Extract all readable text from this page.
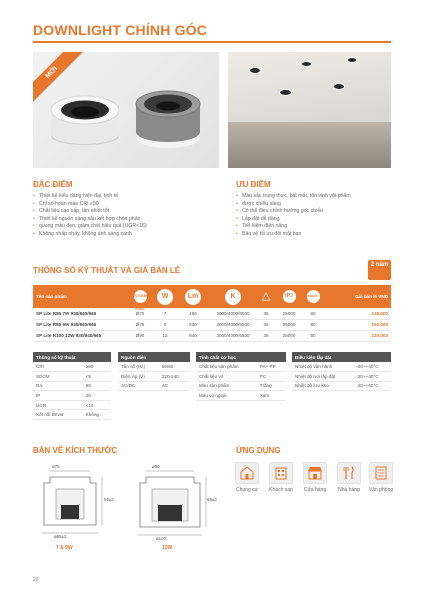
DOWNLIGHT CHÍNH GÓC
MỚI
ĐẶC ĐIỂM
• Thiết kế kiểu dáng hiện đại, tinh tế
• Chỉ số hoàn màu CRI ≥90
• Chất liệu cao cấp, tản nhiệt tốt
• Thiết kế nguồn sáng sâu kết hợp chóa phản
• quang màu đen, giảm chói hiệu quả (UGR<16)
• Không nhấp nháy, không ánh sáng xanh
ƯU ĐIỂM
• Màu sắc trung thực, bắt mắt, tôn vinh vật phẩm
• được chiếu sáng
• Có thể điều chỉnh hướng góc chiếu
• Lắp đặt dễ dàng
• Tiết kiệm điện năng
• Bảo vệ tối ưu đôi mắt bạn
THÔNG SỐ KỸ THUẬT VÀ GIÁ BÁN LẺ
2 năm
Tên sản phẩm	FLICKER FREE	W	Lm	K	△	tPJ	hours	Giá bán lẻ VNĐ
SP Lite R85 7W 930/940/965	Ø75	7	490	3000/4000/6500	36	25000	80	148.000
SP Lite R85 9W 930/940/965	Ø75	9	630	3000/4000/6500	36	25000	80	160.000
SP Lite R100 12W 930/940/965	Ø90	12	840	3000/4000/6500	36	25000	50	220.000
Thông số kỹ thuật	
CRI	≥90
SDCM	<5
Ra	90
IP	20
UGR	<16
Kết nối Driver	Không
Nguồn điện	
Tần số (Hz)	50/60
Điện Áp (V)	220-240
AC/DC	AC
Tính chất cơ học	
Chất liệu sản phẩm	PA+ PP
Chất liệu vỏ	PC
Màu sản phẩm	Trắng
Màu vỏ ngoài	Xám
Điều kiện lắp đặt	
Nhiệt độ vận hành	-20~+40°C
Nhiệt độ nơi lắp đặt	-20~+40°C
Nhiệt độ lưu kho	-20~+60°C
BẢN VẼ KÍCH THƯỚC
ø75
55±3
ø85±2
7 & 9W
ø90
65±3
ø100
12W
ỨNG DỤNG
Chung cư	Khách sạn	Cửa hàng	Nhà hàng	Văn phòng
22
